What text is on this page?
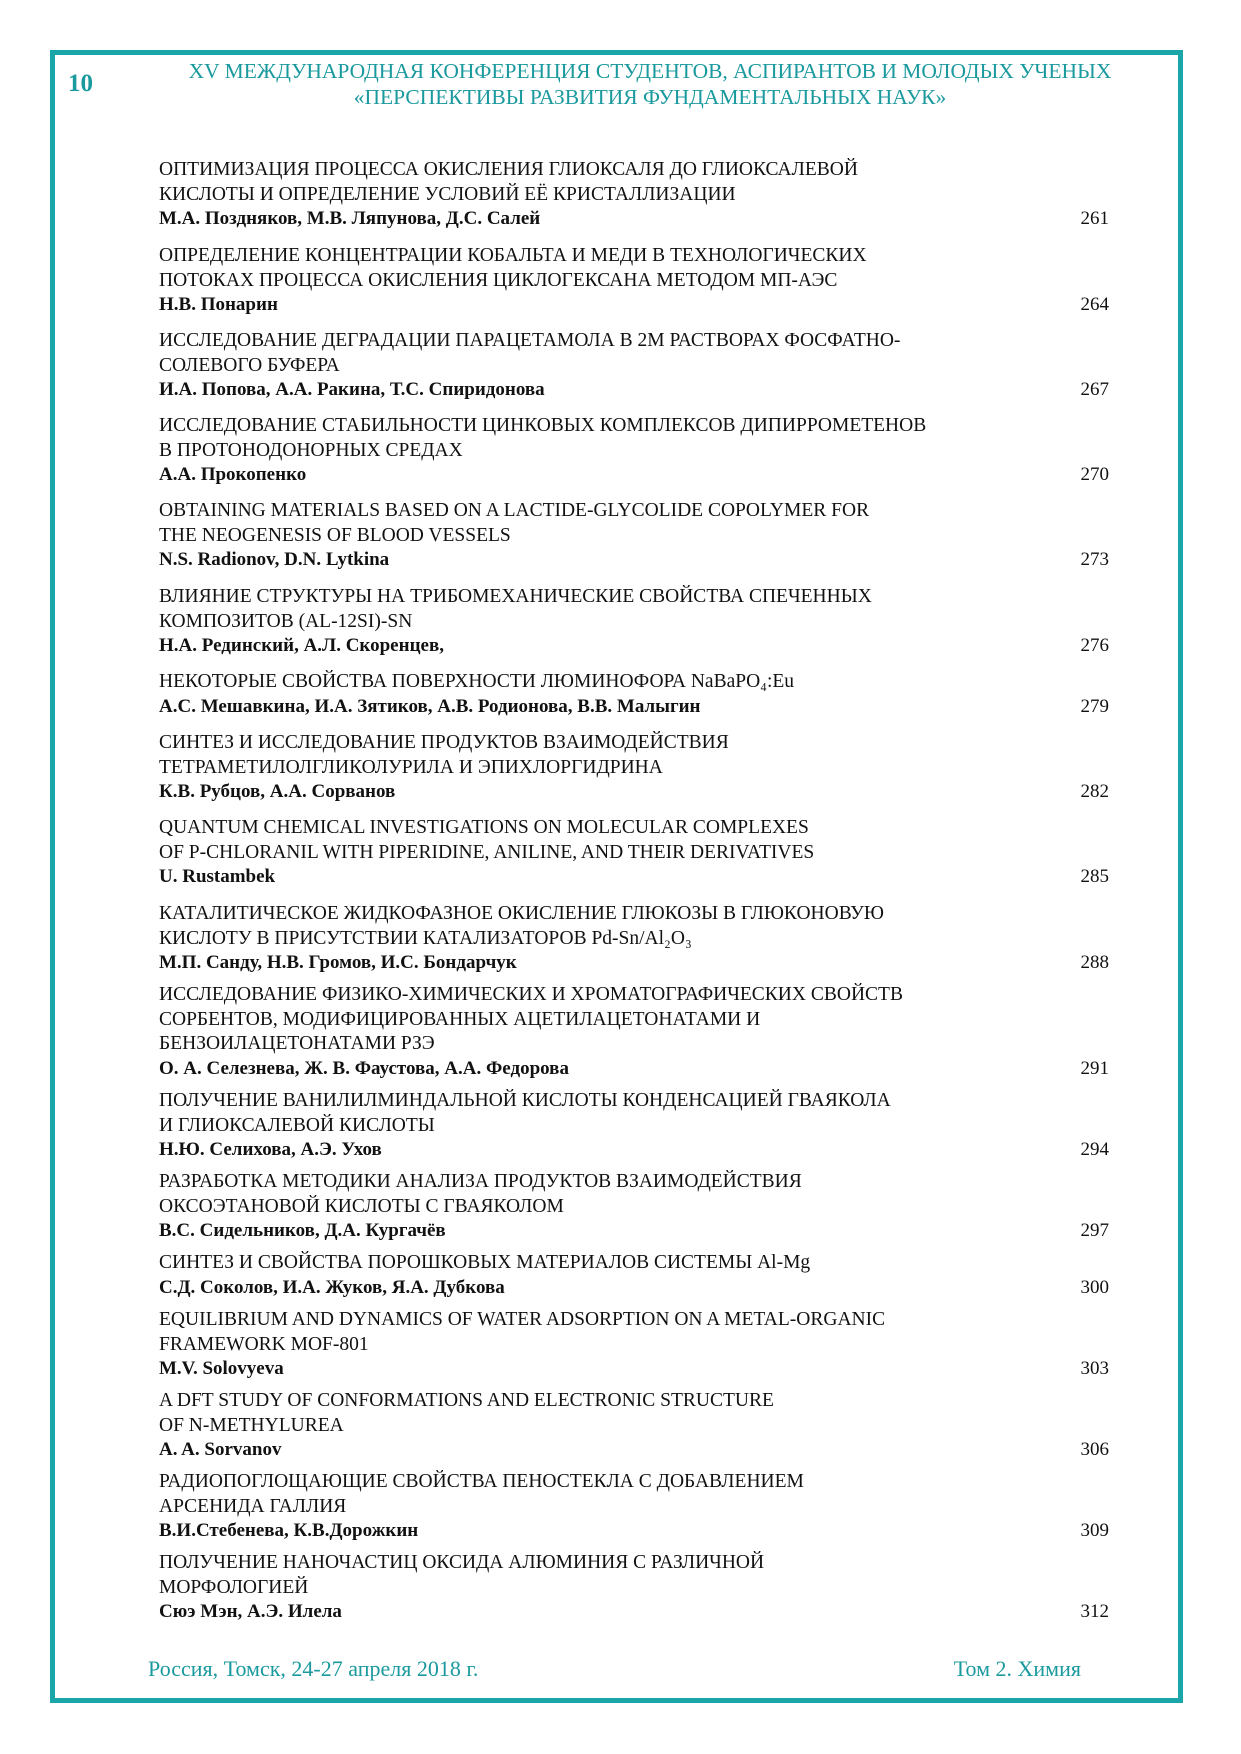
10	XV МЕЖДУНАРОДНАЯ КОНФЕРЕНЦИЯ СТУДЕНТОВ, АСПИРАНТОВ И МОЛОДЫХ УЧЕНЫХ
«ПЕРСПЕКТИВЫ РАЗВИТИЯ ФУНДАМЕНТАЛЬНЫХ НАУК»
ОПТИМИЗАЦИЯ ПРОЦЕССА ОКИСЛЕНИЯ ГЛИОКСАЛЯ ДО ГЛИОКСАЛЕВОЙ
КИСЛОТЫ И ОПРЕДЕЛЕНИЕ УСЛОВИЙ ЕЁ КРИСТАЛЛИЗАЦИИ
М.А. Поздняков, М.В. Ляпунова, Д.С. Салей	261
ОПРЕДЕЛЕНИЕ КОНЦЕНТРАЦИИ КОБАЛЬТА И МЕДИ В ТЕХНОЛОГИЧЕСКИХ
ПОТОКАХ ПРОЦЕССА ОКИСЛЕНИЯ ЦИКЛОГЕКСАНА МЕТОДОМ МП-АЭС
Н.В. Понарин	264
ИССЛЕДОВАНИЕ ДЕГРАДАЦИИ ПАРАЦЕТАМОЛА В 2М РАСТВОРАХ ФОСФАТНО-
СОЛЕВОГО БУФЕРА
И.А. Попова, А.А. Ракина, Т.С. Спиридонова	267
ИССЛЕДОВАНИЕ СТАБИЛЬНОСТИ ЦИНКОВЫХ КОМПЛЕКСОВ ДИПИРРОМЕТЕНОВ
В ПРОТОНОДОНОРНЫХ СРЕДАХ
А.А. Прокопенко	270
OBTAINING MATERIALS BASED ON A LACTIDE-GLYCOLIDE COPOLYMER FOR
THE NEOGENESIS OF BLOOD VESSELS
N.S. Radionov, D.N. Lytkina	273
ВЛИЯНИЕ СТРУКТУРЫ НА ТРИБОМЕХАНИЧЕСКИЕ СВОЙСТВА СПЕЧЕННЫХ
КОМПОЗИТОВ (AL-12SI)-SN
Н.А. Рединский, А.Л. Скоренцев,	276
НЕКОТОРЫЕ СВОЙСТВА ПОВЕРХНОСТИ ЛЮМИНОФОРА NaBaPO₄:Eu
А.С. Мешавкина, И.А. Зятиков, А.В. Родионова, В.В. Малыгин	279
СИНТЕЗ И ИССЛЕДОВАНИЕ ПРОДУКТОВ ВЗАИМОДЕЙСТВИЯ
ТЕТРАМЕТИЛОЛГЛИКОЛУРИЛА И ЭПИХЛОРГИДРИНА
К.В. Рубцов, А.А. Сорванов	282
QUANTUM CHEMICAL INVESTIGATIONS ON MOLECULAR COMPLEXES
OF P-CHLORANIL WITH PIPERIDINE, ANILINE, AND THEIR DERIVATIVES
U. Rustambek	285
КАТАЛИТИЧЕСКОЕ ЖИДКОФАЗНОЕ ОКИСЛЕНИЕ ГЛЮКОЗЫ В ГЛЮКОНОВУЮ
КИСЛОТУ В ПРИСУТСТВИИ КАТАЛИЗАТОРОВ Pd-Sn/Al₂O₃
М.П. Санду, Н.В. Громов, И.С. Бондарчук	288
ИССЛЕДОВАНИЕ ФИЗИКО-ХИМИЧЕСКИХ И ХРОМАТОГРАФИЧЕСКИХ СВОЙСТВ
СОРБЕНТОВ, МОДИФИЦИРОВАННЫХ АЦЕТИЛАЦЕТОНАТАМИ И
БЕНЗОИЛАЦЕТОНАТАМИ РЗЭ
О. А. Селезнева, Ж. В. Фаустова, А.А. Федорова	291
ПОЛУЧЕНИЕ ВАНИЛИЛМИНДАЛЬНОЙ КИСЛОТЫ КОНДЕНСАЦИЕЙ ГВАЯКОЛА
И ГЛИОКСАЛЕВОЙ КИСЛОТЫ
Н.Ю. Селихова, А.Э. Ухов	294
РАЗРАБОТКА МЕТОДИКИ АНАЛИЗА ПРОДУКТОВ ВЗАИМОДЕЙСТВИЯ
ОКСОЭТАНОВОЙ КИСЛОТЫ С ГВАЯКОЛОМ
В.С. Сидельников, Д.А. Кургачёв	297
СИНТЕЗ И СВОЙСТВА ПОРОШКОВЫХ МАТЕРИАЛОВ СИСТЕМЫ Al-Mg
С.Д. Соколов, И.А. Жуков, Я.А. Дубкова	300
EQUILIBRIUM AND DYNAMICS OF WATER ADSORPTION ON A METAL-ORGANIC
FRAMEWORK MOF-801
M.V. Solovyeva	303
A DFT STUDY OF CONFORMATIONS AND ELECTRONIC STRUCTURE
OF N-METHYLUREA
A. A. Sorvanov	306
РАДИОПОГЛОЩАЮЩИЕ СВОЙСТВА ПЕНОСТЕКЛА С ДОБАВЛЕНИЕМ
АРСЕНИДА ГАЛЛИЯ
В.И.Стебенева, К.В.Дорожкин	309
ПОЛУЧЕНИЕ НАНОЧАСТИЦ ОКСИДА АЛЮМИНИЯ С РАЗЛИЧНОЙ
МОРФОЛОГИЕЙ
Сюэ Мэн, А.Э. Илела	312
Россия, Томск, 24-27 апреля 2018 г.	Том 2. Химия
